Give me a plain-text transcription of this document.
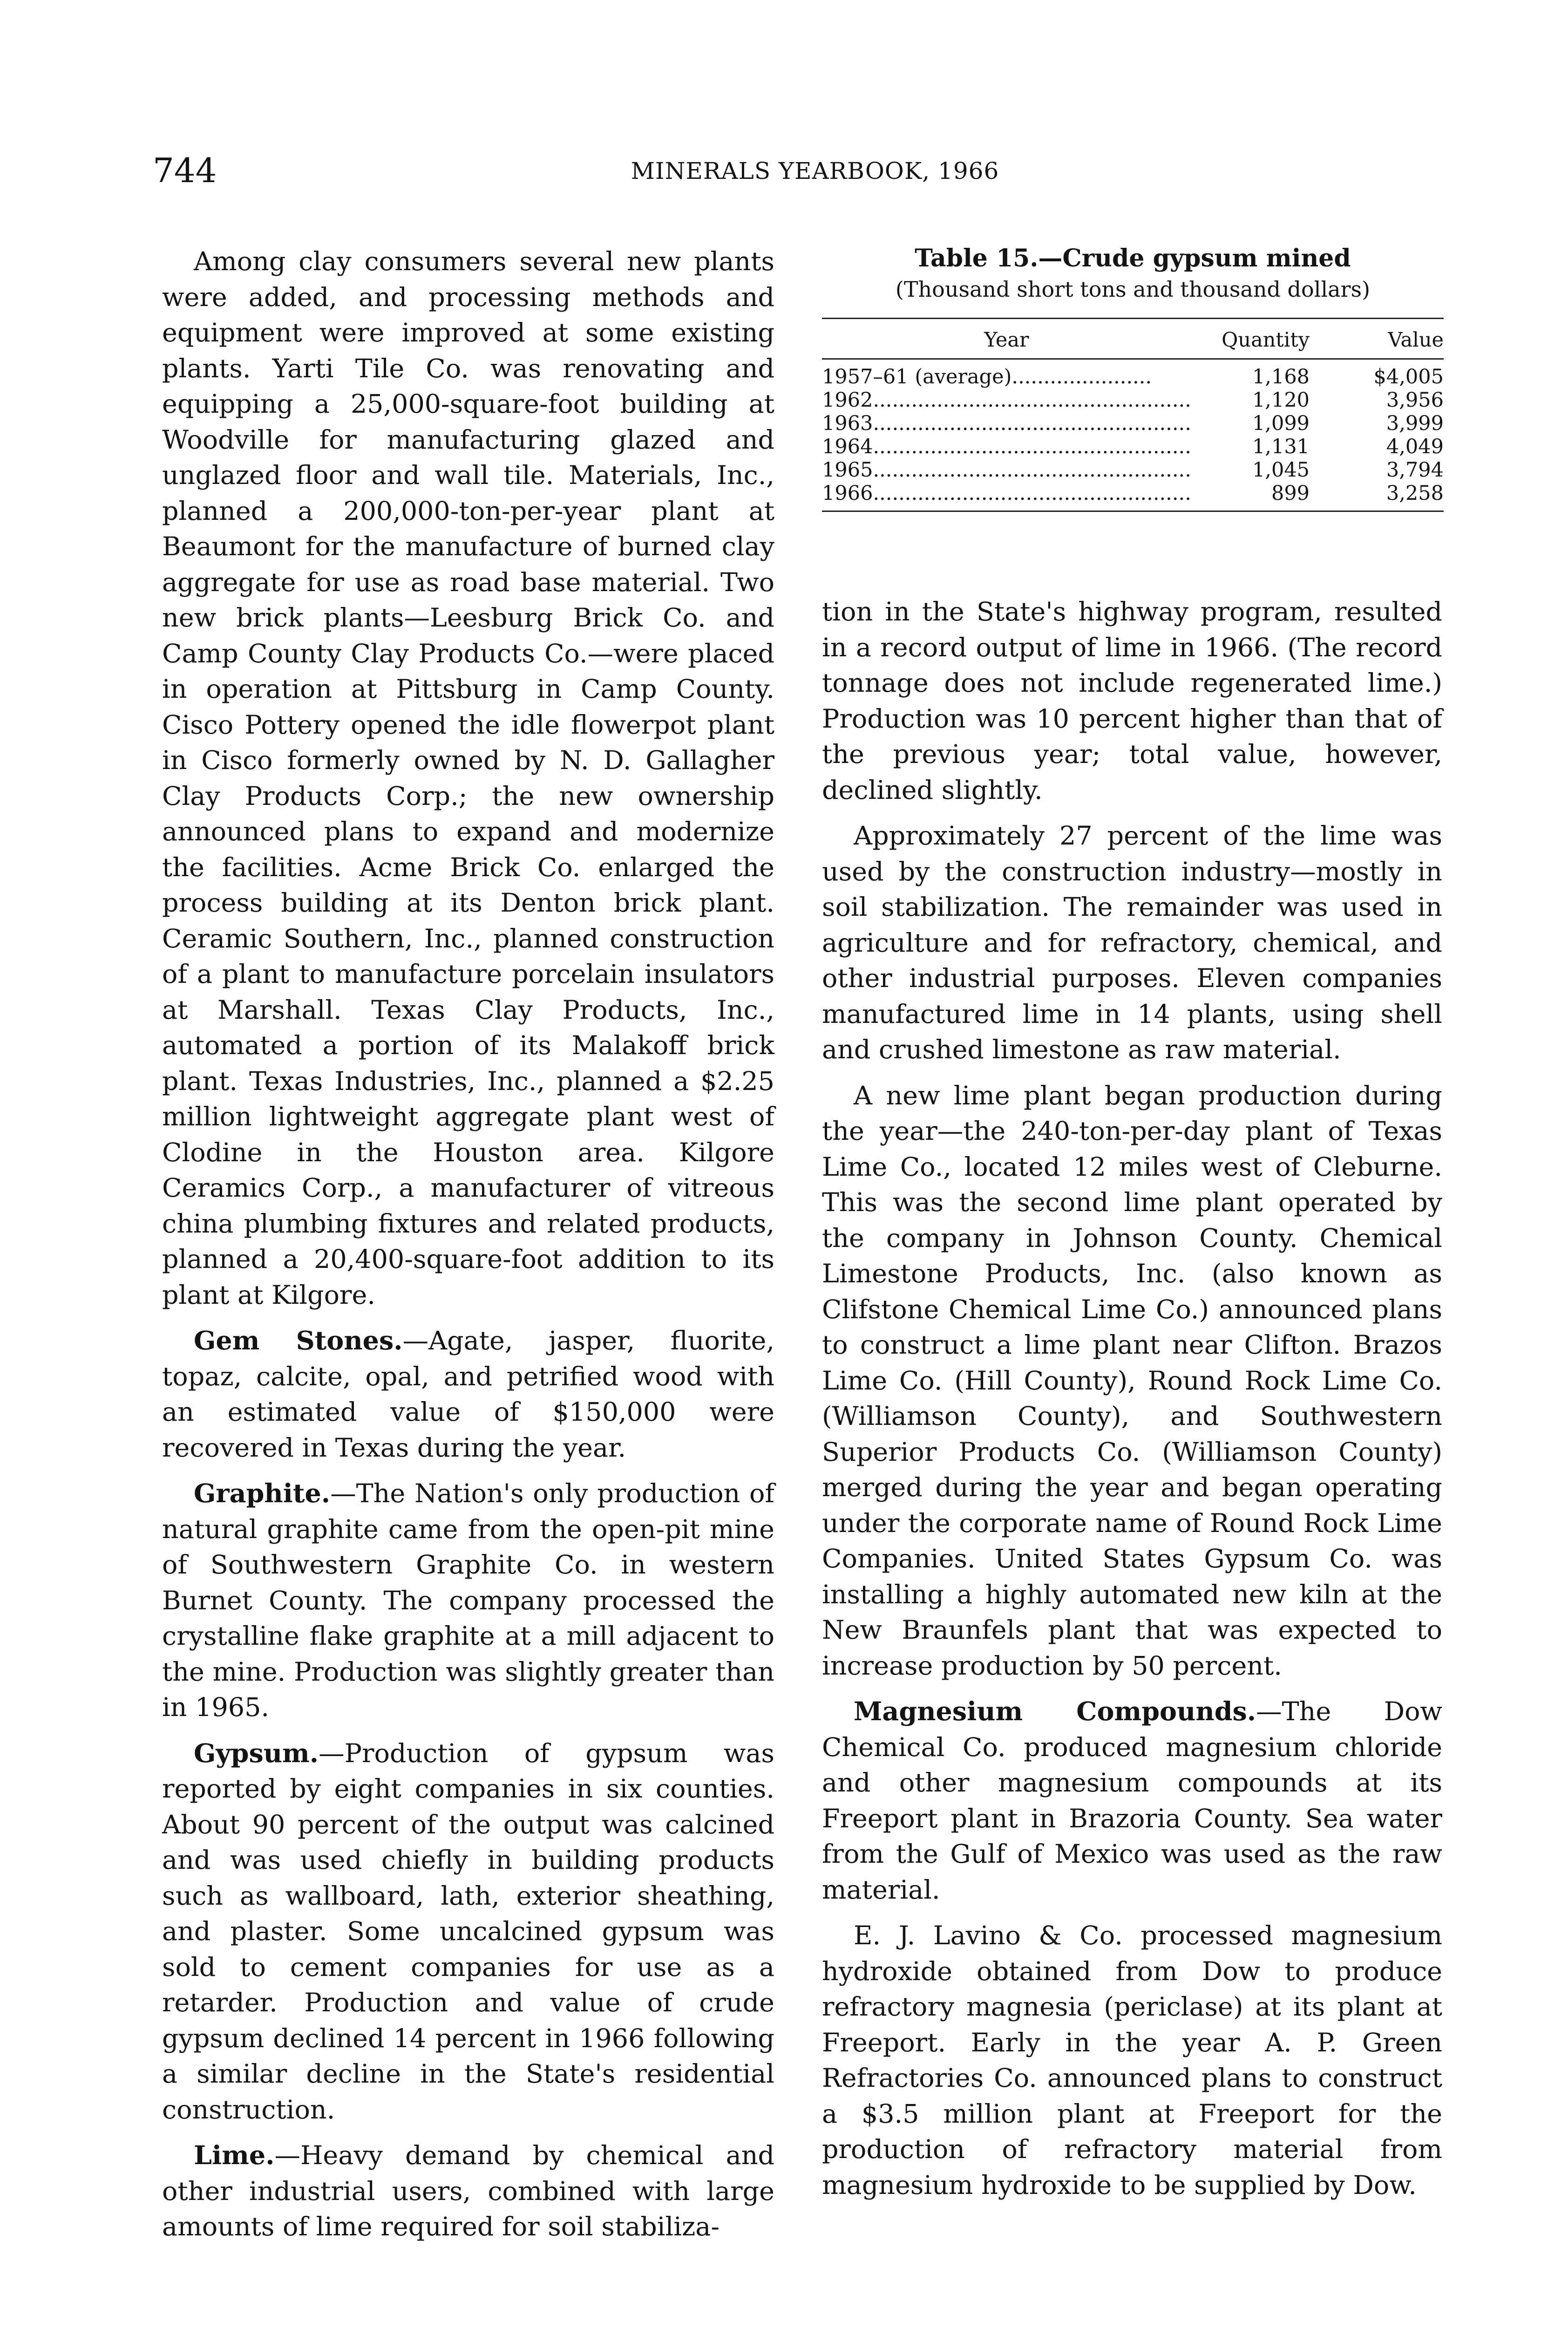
744	MINERALS YEARBOOK, 1966

Among clay consumers several new plants were added, and processing methods and equipment were improved at some existing plants. Yarti Tile Co. was renovating and equipping a 25,000-square-foot building at Woodville for manufacturing glazed and unglazed floor and wall tile. Materials, Inc., planned a 200,000-ton-per-year plant at Beaumont for the manufacture of burned clay aggregate for use as road base material. Two new brick plants—Leesburg Brick Co. and Camp County Clay Products Co.—were placed in operation at Pittsburg in Camp County. Cisco Pottery opened the idle flowerpot plant in Cisco formerly owned by N. D. Gallagher Clay Products Corp.; the new ownership announced plans to expand and modernize the facilities. Acme Brick Co. enlarged the process building at its Denton brick plant. Ceramic Southern, Inc., planned construction of a plant to manufacture porcelain insulators at Marshall. Texas Clay Products, Inc., automated a portion of its Malakoff brick plant. Texas Industries, Inc., planned a $2.25 million lightweight aggregate plant west of Clodine in the Houston area. Kilgore Ceramics Corp., a manufacturer of vitreous china plumbing fixtures and related products, planned a 20,400-square-foot addition to its plant at Kilgore.

Gem Stones.—Agate, jasper, fluorite, topaz, calcite, opal, and petrified wood with an estimated value of $150,000 were recovered in Texas during the year.

Graphite.—The Nation's only production of natural graphite came from the open-pit mine of Southwestern Graphite Co. in western Burnet County. The company processed the crystalline flake graphite at a mill adjacent to the mine. Production was slightly greater than in 1965.

Gypsum.—Production of gypsum was reported by eight companies in six counties. About 90 percent of the output was calcined and was used chiefly in building products such as wallboard, lath, exterior sheathing, and plaster. Some uncalcined gypsum was sold to cement companies for use as a retarder. Production and value of crude gypsum declined 14 percent in 1966 following a similar decline in the State's residential construction.

Lime.—Heavy demand by chemical and other industrial users, combined with large amounts of lime required for soil stabiliza-

Table 15.—Crude gypsum mined
(Thousand short tons and thousand dollars)
Year	Quantity	Value
1957–61 (average)......................	1,168	$4,005
1962..................................................	1,120	3,956
1963..................................................	1,099	3,999
1964..................................................	1,131	4,049
1965..................................................	1,045	3,794
1966..................................................	899	3,258

tion in the State's highway program, resulted in a record output of lime in 1966. (The record tonnage does not include regenerated lime.) Production was 10 percent higher than that of the previous year; total value, however, declined slightly.

Approximately 27 percent of the lime was used by the construction industry—mostly in soil stabilization. The remainder was used in agriculture and for refractory, chemical, and other industrial purposes. Eleven companies manufactured lime in 14 plants, using shell and crushed limestone as raw material.

A new lime plant began production during the year—the 240-ton-per-day plant of Texas Lime Co., located 12 miles west of Cleburne. This was the second lime plant operated by the company in Johnson County. Chemical Limestone Products, Inc. (also known as Clifstone Chemical Lime Co.) announced plans to construct a lime plant near Clifton. Brazos Lime Co. (Hill County), Round Rock Lime Co. (Williamson County), and Southwestern Superior Products Co. (Williamson County) merged during the year and began operating under the corporate name of Round Rock Lime Companies. United States Gypsum Co. was installing a highly automated new kiln at the New Braunfels plant that was expected to increase production by 50 percent.

Magnesium Compounds.—The Dow Chemical Co. produced magnesium chloride and other magnesium compounds at its Freeport plant in Brazoria County. Sea water from the Gulf of Mexico was used as the raw material.

E. J. Lavino & Co. processed magnesium hydroxide obtained from Dow to produce refractory magnesia (periclase) at its plant at Freeport. Early in the year A. P. Green Refractories Co. announced plans to construct a $3.5 million plant at Freeport for the production of refractory material from magnesium hydroxide to be supplied by Dow.
